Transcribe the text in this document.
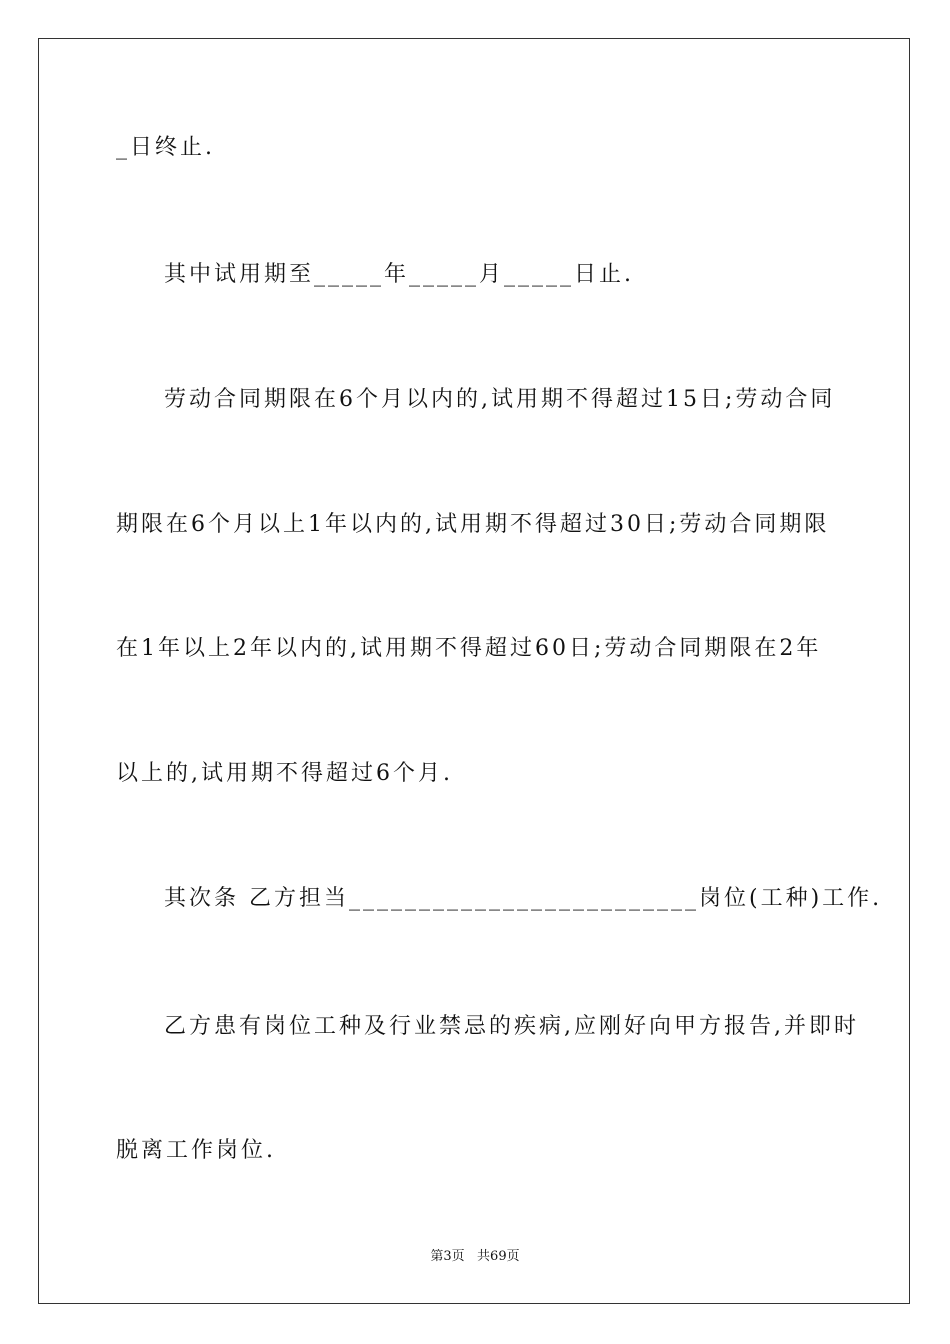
_日终止.
其中试用期至_____年_____月_____日止.
劳动合同期限在6个月以内的,试用期不得超过15日;劳动合同
期限在6个月以上1年以内的,试用期不得超过30日;劳动合同期限
在1年以上2年以内的,试用期不得超过60日;劳动合同期限在2年
以上的,试用期不得超过6个月.
其次条 乙方担当_________________________岗位(工种)工作.
乙方患有岗位工种及行业禁忌的疾病,应刚好向甲方报告,并即时
脱离工作岗位.
第3页   共69页
